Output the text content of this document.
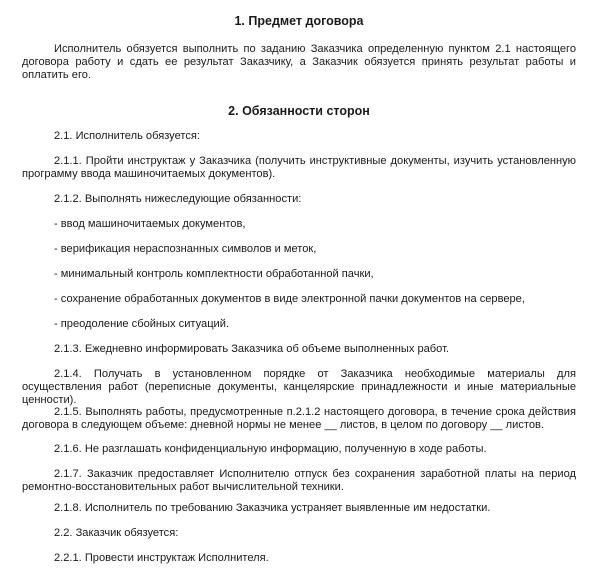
1. Предмет договора
Исполнитель обязуется выполнить по заданию Заказчика определенную пунктом 2.1 настоящего договора работу и сдать ее результат Заказчику, а Заказчик обязуется принять результат работы и оплатить его.
2. Обязанности сторон
2.1. Исполнитель обязуется:
2.1.1. Пройти инструктаж у Заказчика (получить инструктивные документы, изучить установленную программу ввода машиночитаемых документов).
2.1.2. Выполнять нижеследующие обязанности:
- ввод машиночитаемых документов,
- верификация нераспознанных символов и меток,
- минимальный контроль комплектности обработанной пачки,
- сохранение обработанных документов в виде электронной пачки документов на сервере,
- преодоление сбойных ситуаций.
2.1.3. Ежедневно информировать Заказчика об объеме выполненных работ.
2.1.4. Получать в установленном порядке от Заказчика необходимые материалы для осуществления работ (переписные документы, канцелярские принадлежности и иные материальные ценности).
2.1.5. Выполнять работы, предусмотренные п.2.1.2 настоящего договора, в течение срока действия договора в следующем объеме: дневной нормы не менее __ листов, в целом по договору __ листов.
2.1.6. Не разглашать конфиденциальную информацию, полученную в ходе работы.
2.1.7. Заказчик предоставляет Исполнителю отпуск без сохранения заработной платы на период ремонтно-восстановительных работ вычислительной техники.
2.1.8. Исполнитель по требованию Заказчика устраняет выявленные им недостатки.
2.2. Заказчик обязуется:
2.2.1. Провести инструктаж Исполнителя.
